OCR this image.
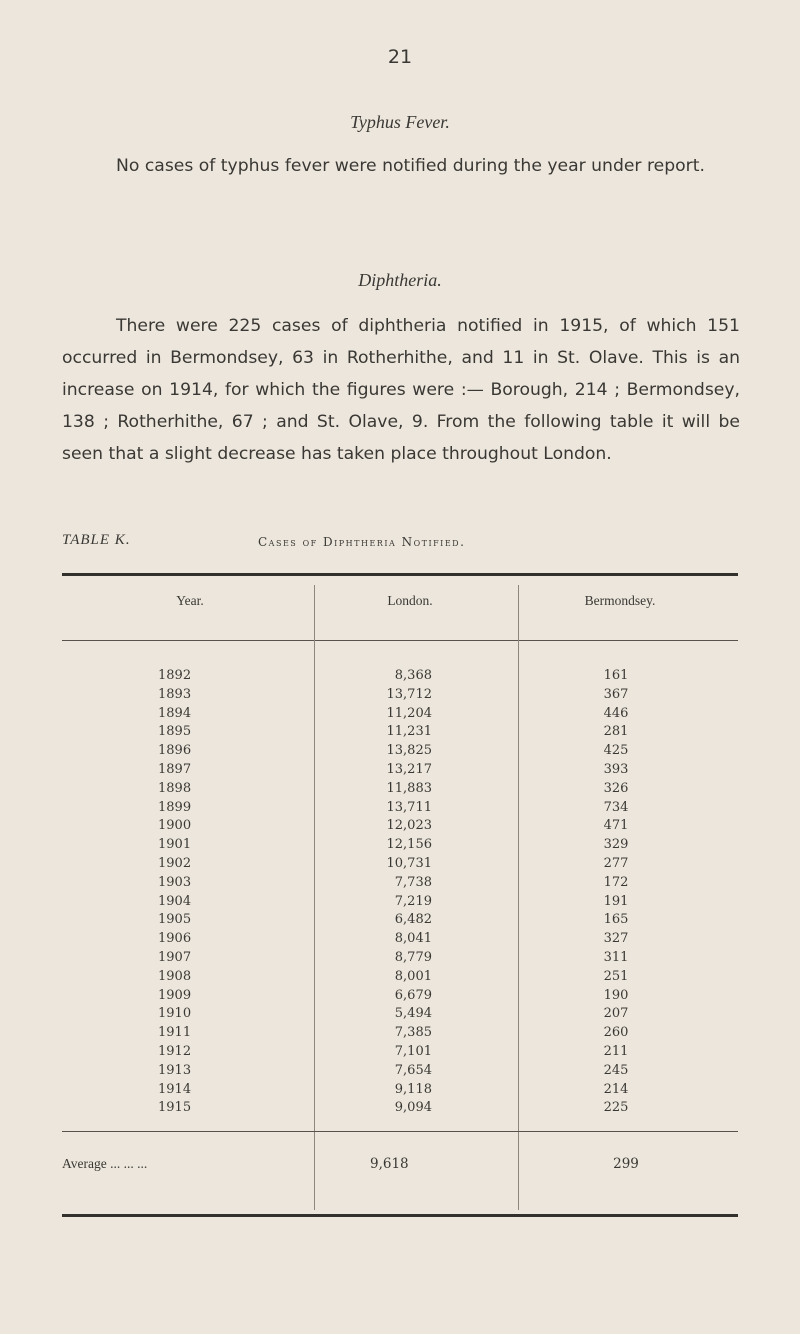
21
Typhus Fever.

No cases of typhus fever were notified during the year under report.

Diphtheria.

There were 225 cases of diphtheria notified in 1915, of which 151 occurred in Bermondsey, 63 in Rotherhithe, and 11 in St. Olave. This is an increase on 1914, for which the figures were :— Borough, 214 ; Bermondsey, 138 ; Rotherhithe, 67 ; and St. Olave, 9. From the following table it will be seen that a slight decrease has taken place throughout London.

TABLE K.	Cases of Diphtheria Notified.
Year.	London.	Bermondsey.
1892	8,368	161
1893	13,712	367
1894	11,204	446
1895	11,231	281
1896	13,825	425
1897	13,217	393
1898	11,883	326
1899	13,711	734
1900	12,023	471
1901	12,156	329
1902	10,731	277
1903	7,738	172
1904	7,219	191
1905	6,482	165
1906	8,041	327
1907	8,779	311
1908	8,001	251
1909	6,679	190
1910	5,494	207
1911	7,385	260
1912	7,101	211
1913	7,654	245
1914	9,118	214
1915	9,094	225
Average ... ... ...	9,618	299
